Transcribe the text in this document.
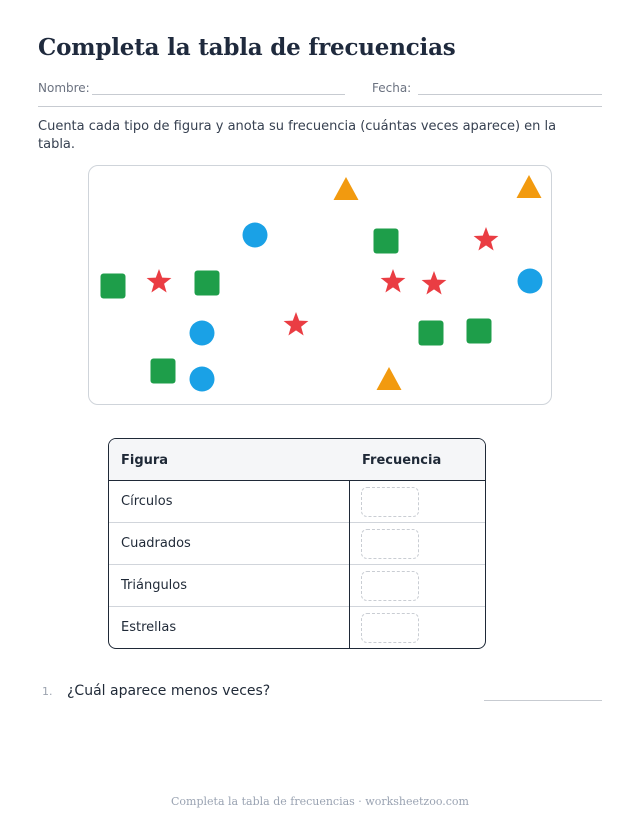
Completa la tabla de frecuencias
Nombre:	Fecha:
Cuenta cada tipo de figura y anota su frecuencia (cuántas veces aparece) en la tabla.
Figura	Frecuencia
Círculos
Cuadrados
Triángulos
Estrellas
1. ¿Cuál aparece menos veces?
Completa la tabla de frecuencias · worksheetzoo.com
